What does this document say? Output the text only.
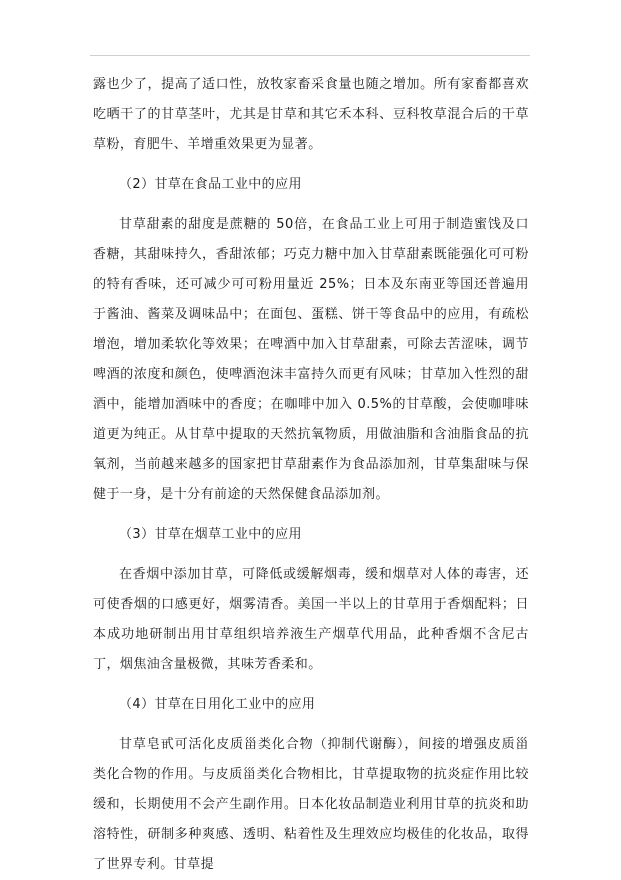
露也少了，提高了适口性，放牧家畜采食量也随之增加。所有家畜都喜欢吃晒干了的甘草茎叶，尤其是甘草和其它禾本科、豆科牧草混合后的干草草粉，育肥牛、羊增重效果更为显著。

（2）甘草在食品工业中的应用

甘草甜素的甜度是蔗糖的 50倍，在食品工业上可用于制造蜜饯及口香糖，其甜味持久，香甜浓郁；巧克力糖中加入甘草甜素既能强化可可粉的特有香味，还可减少可可粉用量近 25%；日本及东南亚等国还普遍用于酱油、酱菜及调味品中；在面包、蛋糕、饼干等食品中的应用，有疏松增泡，增加柔软化等效果；在啤酒中加入甘草甜素，可除去苦涩味，调节啤酒的浓度和颜色，使啤酒泡沫丰富持久而更有风味；甘草加入性烈的甜酒中，能增加酒味中的香度；在咖啡中加入 0.5%的甘草酸，会使咖啡味道更为纯正。从甘草中提取的天然抗氧物质，用做油脂和含油脂食品的抗氧剂，当前越来越多的国家把甘草甜素作为食品添加剂，甘草集甜味与保健于一身，是十分有前途的天然保健食品添加剂。

（3）甘草在烟草工业中的应用

在香烟中添加甘草，可降低或缓解烟毒，缓和烟草对人体的毒害，还可使香烟的口感更好，烟雾清香。美国一半以上的甘草用于香烟配料；日本成功地研制出用甘草组织培养液生产烟草代用品，此种香烟不含尼古丁，烟焦油含量极微，其味芳香柔和。

（4）甘草在日用化工业中的应用

甘草皂甙可活化皮质甾类化合物（抑制代谢酶），间接的增强皮质甾类化合物的作用。与皮质甾类化合物相比，甘草提取物的抗炎症作用比较缓和，长期使用不会产生副作用。日本化妆品制造业利用甘草的抗炎和助溶特性，研制多种爽感、透明、粘着性及生理效应均极佳的化妆品，取得了世界专利。甘草提
